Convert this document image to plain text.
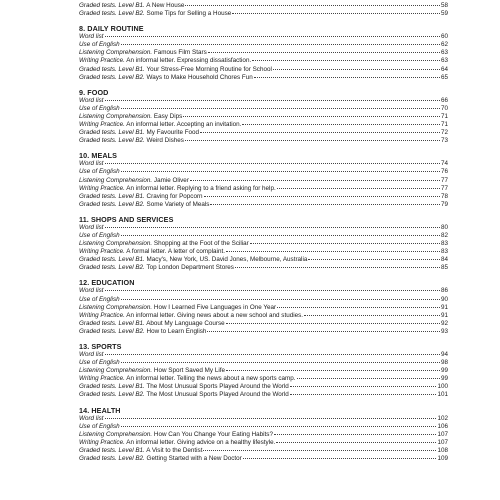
Graded tests. Level B1. A New House	58
Graded tests. Level B2. Some Tips for Selling a House	59
8. DAILY ROUTINE
Word list	60
Use of English	62
Listening Comprehension. Famous Film Stars	63
Writing Practice. An informal letter. Expressing dissatisfaction.	63
Graded tests. Level B1. Your Stress-Free Morning Routine for School	64
Graded tests. Level B2. Ways to Make Household Chores Fun	65
9. FOOD
Word list	66
Use of English	70
Listening Comprehension. Easy Dips	71
Writing Practice. An informal letter. Accepting an invitation.	71
Graded tests. Level B1. My Favourite Food	72
Graded tests. Level B2. Weird Dishes	73
10. MEALS
Word list	74
Use of English	76
Listening Comprehension. Jamie Oliver	77
Writing Practice. An informal letter. Replying to a friend asking for help.	77
Graded tests. Level B1. Craving for Popcorn	78
Graded tests. Level B2. Some Variety of Meals	79
11. SHOPS AND SERVICES
Word list	80
Use of English	82
Listening Comprehension. Shopping at the Foot of the Sciliar	83
Writing Practice. A formal letter. A letter of complaint.	83
Graded tests. Level B1. Macy's, New York, US. David Jones, Melbourne, Australia	84
Graded tests. Level B2. Top London Department Stores	85
12. EDUCATION
Word list	86
Use of English	90
Listening Comprehension. How I Learned Five Languages in One Year	91
Writing Practice. An informal letter. Giving news about a new school and studies.	91
Graded tests. Level B1. About My Language Course	92
Graded tests. Level B2. How to Learn English	93
13. SPORTS
Word list	94
Use of English	98
Listening Comprehension. How Sport Saved My Life	99
Writing Practice. An informal letter. Telling the news about a new sports camp.	99
Graded tests. Level B1. The Most Unusual Sports Played Around the World	100
Graded tests. Level B2. The Most Unusual Sports Played Around the World	101
14. HEALTH
Word list	102
Use of English	106
Listening Comprehension. How Can You Change Your Eating Habits?	107
Writing Practice. An informal letter. Giving advice on a healthy lifestyle.	107
Graded tests. Level B1. A Visit to the Dentist	108
Graded tests. Level B2. Getting Started with a New Doctor	109
